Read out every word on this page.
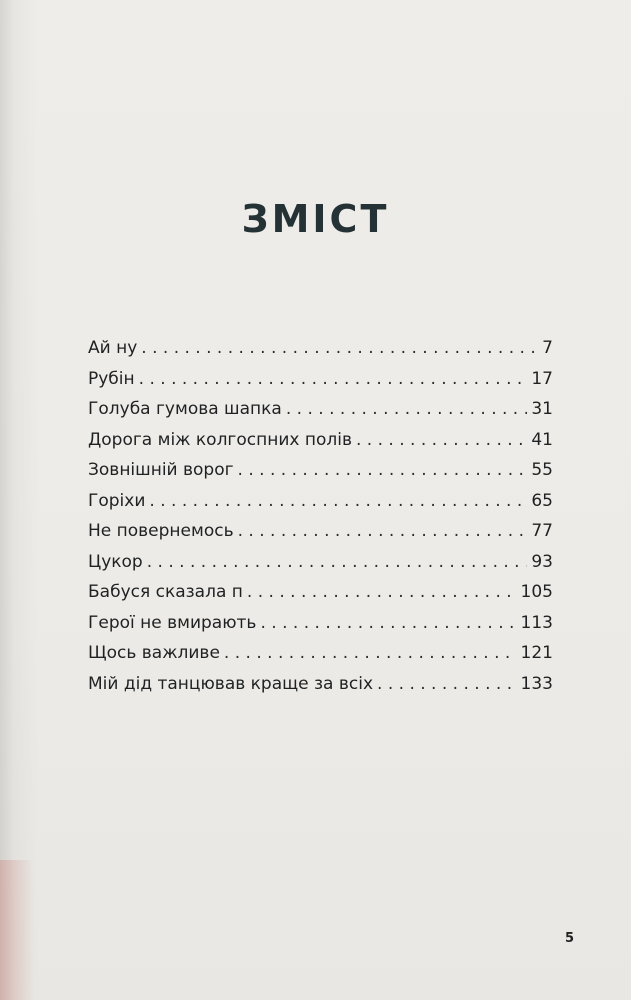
ЗМІСТ
Ай ну . . .	7
Рубін . . .	17
Голуба гумова шапка . . .	31
Дорога між колгоспних полів . . .	41
Зовнішній ворог . . .	55
Горіхи . . .	65
Не повернемось . . .	77
Цукор . . .	93
Бабуся сказала п . . .	105
Герої не вмирають . . .	113
Щось важливе . . .	121
Мій дід танцював краще за всіх . . .	133
5
